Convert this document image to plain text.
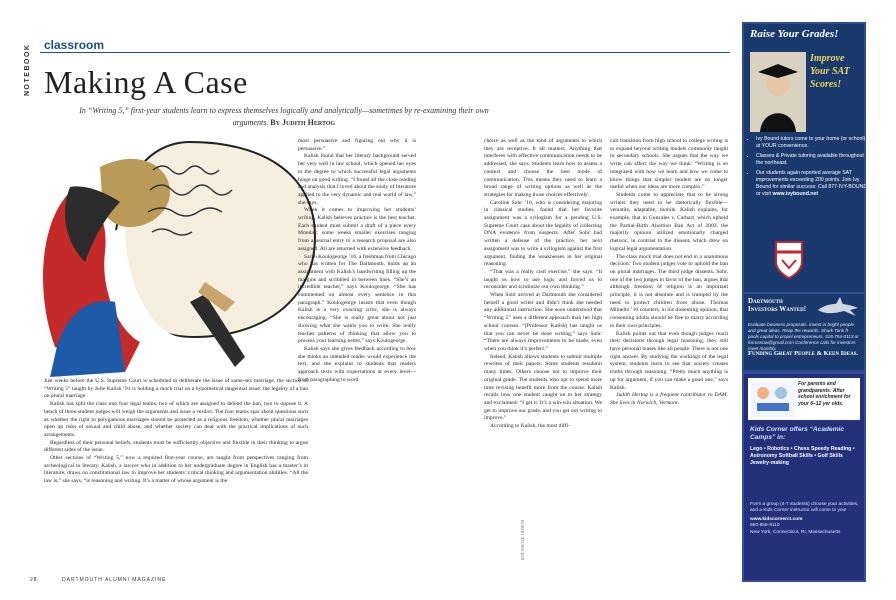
NOTEBOOK	classroom
Making A Case
In “Writing 5,” first-year students learn to express themselves logically and analytically—sometimes by re-examining their own arguments. By Judith Hertog

Just weeks before the U.S. Supreme Court is scheduled to deliberate the issue of same-sex marriage, the section of “Writing 5” taught by Julie Kalish ’91 is holding a mock trial on a hypothetical tangential issue: the legality of a ban on plural marriage.

Kalish has split the class into four legal teams, two of which are assigned to defend the ban, two to oppose it. A bench of three student judges will weigh the arguments and issue a verdict. The four teams spar about questions such as whether the right to polygamous marriages should be protected as a religious freedom, whether plural marriages open up risks of sexual and child abuse, and whether society can deal with the practical implications of such arrangements.

Regardless of their personal beliefs, students must be sufficiently objective and flexible in their thinking to argue different sides of the issue.

Other sections of “Writing 5,” now a required first-year course, are taught from perspectives ranging from archeological to literary. Kalish, a lawyer who in addition to her undergraduate degree in English has a master’s in literature, draws on constitutional law to improve her students’ critical thinking and argumentation abilities. “All the law is,” she says, “is reasoning and writing. It’s a matter of whose argument is the

most persuasive and figuring out why it is persuasive.”

Kalish found that her literary background served her very well in law school, which opened her eyes to the degree to which successful legal arguments hinge on good writing. “I found all the close reading and analysis that I loved about the study of literature applied to the very dynamic and real world of law,” she says.

When it comes to improving her students’ writing, Kalish believes practice is the best teacher. Each student must submit a draft of a piece every Monday; some weeks smaller exercises ranging from a journal entry to a research proposal are also assigned. All are returned with extensive feedback.

Sarah Koulogeorge ’16, a freshman from Chicago who has written for The Dartmouth, holds up an assignment with Kalish’s handwriting filling up the margins and scribbled in between lines. “She’s an incredible teacher,” says Koulogeorge. “She has commented on almost every sentence in this paragraph.” Koulogeorge insists that even though Kalish is a very exacting critic, she is always encouraging. “She is really great about not just showing what she wants you to write. She really teaches patterns of thinking that allow you to process your learning better,” says Koulogeorge.

Kalish says she gives feedback according to how she thinks an intended reader would experience the text, and she explains to students that readers approach texts with expectations at every level—from paragraphing to word

ROBERT NEUBECKER

choice as well as the kind of arguments to which they are receptive. It all matters. Anything that interferes with effective communication needs to be addressed, she says. Students learn how to assess a context and choose the best mode of communication. This means they need to learn a broad range of writing options as well as the strategies for making those choices effectively.

Caroline Sohr ’16, who is considering majoring in classical studies, found that her favorite assignment was a syllogism for a pending U.S. Supreme Court case about the legality of collecting DNA evidence from suspects. After Sohr had written a defense of the practice, her next assignment was to write a syllogism against the first argument, finding the weaknesses in her original reasoning.

“That was a really cool exercise,” she says. “It taught us how to use logic and forced us to reconsider and scrutinize our own thinking.”

When Sohr arrived at Dartmouth she considered herself a good writer and didn’t think she needed any additional instruction. She soon understood that “Writing 5” uses a different approach than her high school courses. “[Professor Kalish] has taught us that you can never be done writing,” says Sohr. “There are always improvements to be made, even when you think it’s perfect.”

Indeed, Kalish allows students to submit multiple rewrites of their papers. Some students resubmit many times. Others choose not to improve their original grade. The students who opt to spend more time revising benefit more from the course. Kalish recalls how one student caught on to her strategy and exclaimed: “I get it. It’s a win-win situation. We get to improve our grade, and you get our writing to improve.”

According to Kalish, the most diffi-

cult transition from high school to college writing is to expand beyond writing models commonly taught in secondary schools. She argues that the way we write can affect the way we think: “Writing is so integrated with how we learn and how we come to know things that simpler models are no longer useful when our ideas are more complex.”

Students come to appreciate that to be strong writers they need to be rhetorically flexible—versatile, adaptable, mobile. Kalish explains, for example, that in Gonzales v. Carhart, which upheld the Partial-Birth Abortion Ban Act of 2003, the majority opinion utilized emotionally charged rhetoric, in contrast to the dissent, which drew on logical legal argumentation.

The class mock trial does not end in a unanimous decision: Two student judges vote to uphold the ban on plural marriages. The third judge dissents. Sohr, one of the two judges in favor of the ban, argues that although freedom of religion is an important principle, it is not absolute and is trumped by the need to protect children from abuse. Thomas Milnello ’16 counters, in his dissenting opinion, that consenting adults should be free to marry according to their own principles.

Kalish points out that even though judges reach their decisions through legal reasoning, they still have personal biases like all people. There is not one right answer. By studying the workings of the legal system, students learn to see that society creates truths through reasoning. “Pretty much anything is up for argument, if you can make a good one,” says Kalish.

Judith Hertog is a frequent contributor to DAM. She lives in Norwich, Vermont.

28	DARTMOUTH ALUMNI MAGAZINE
Raise Your Grades!
Improve Your SAT Scores!
• Ivy Bound tutors come to your home (or school) at YOUR convenience.
• Classes & Private tutoring available throughout the northeast.
• Our students again reported average SAT improvements exceeding 200 points. Join Ivy Bound for similar success: Call 877-IVY-BOUND or visit www.ivybound.net
Dartmouth Investors Wanted!
Evaluate business proposals. Invest in bright people and great ideas. Reap the rewards. Shark Tank ft pools capital to propel entrepreneurs. 516-754-0113 or forrosnow@gmail.com Conference calls for investors meet monthly.
Funding Great People & Keen Ideas.
For parents and grandparents: After school enrichment for your 6–12 yer olds.
Kids Corner offers “Academic Camps” in:
Lego • Robotics • Chess Speedy Reading • Astronomy Softball Skills • Golf Skills Jewelry-making
Form a group (4-7 students) choose your activities, and a Kids Corner instructor will come to you!
www.kidscornerct.com
860-859-9110
New York, Connecticut, RI, Massachusetts
